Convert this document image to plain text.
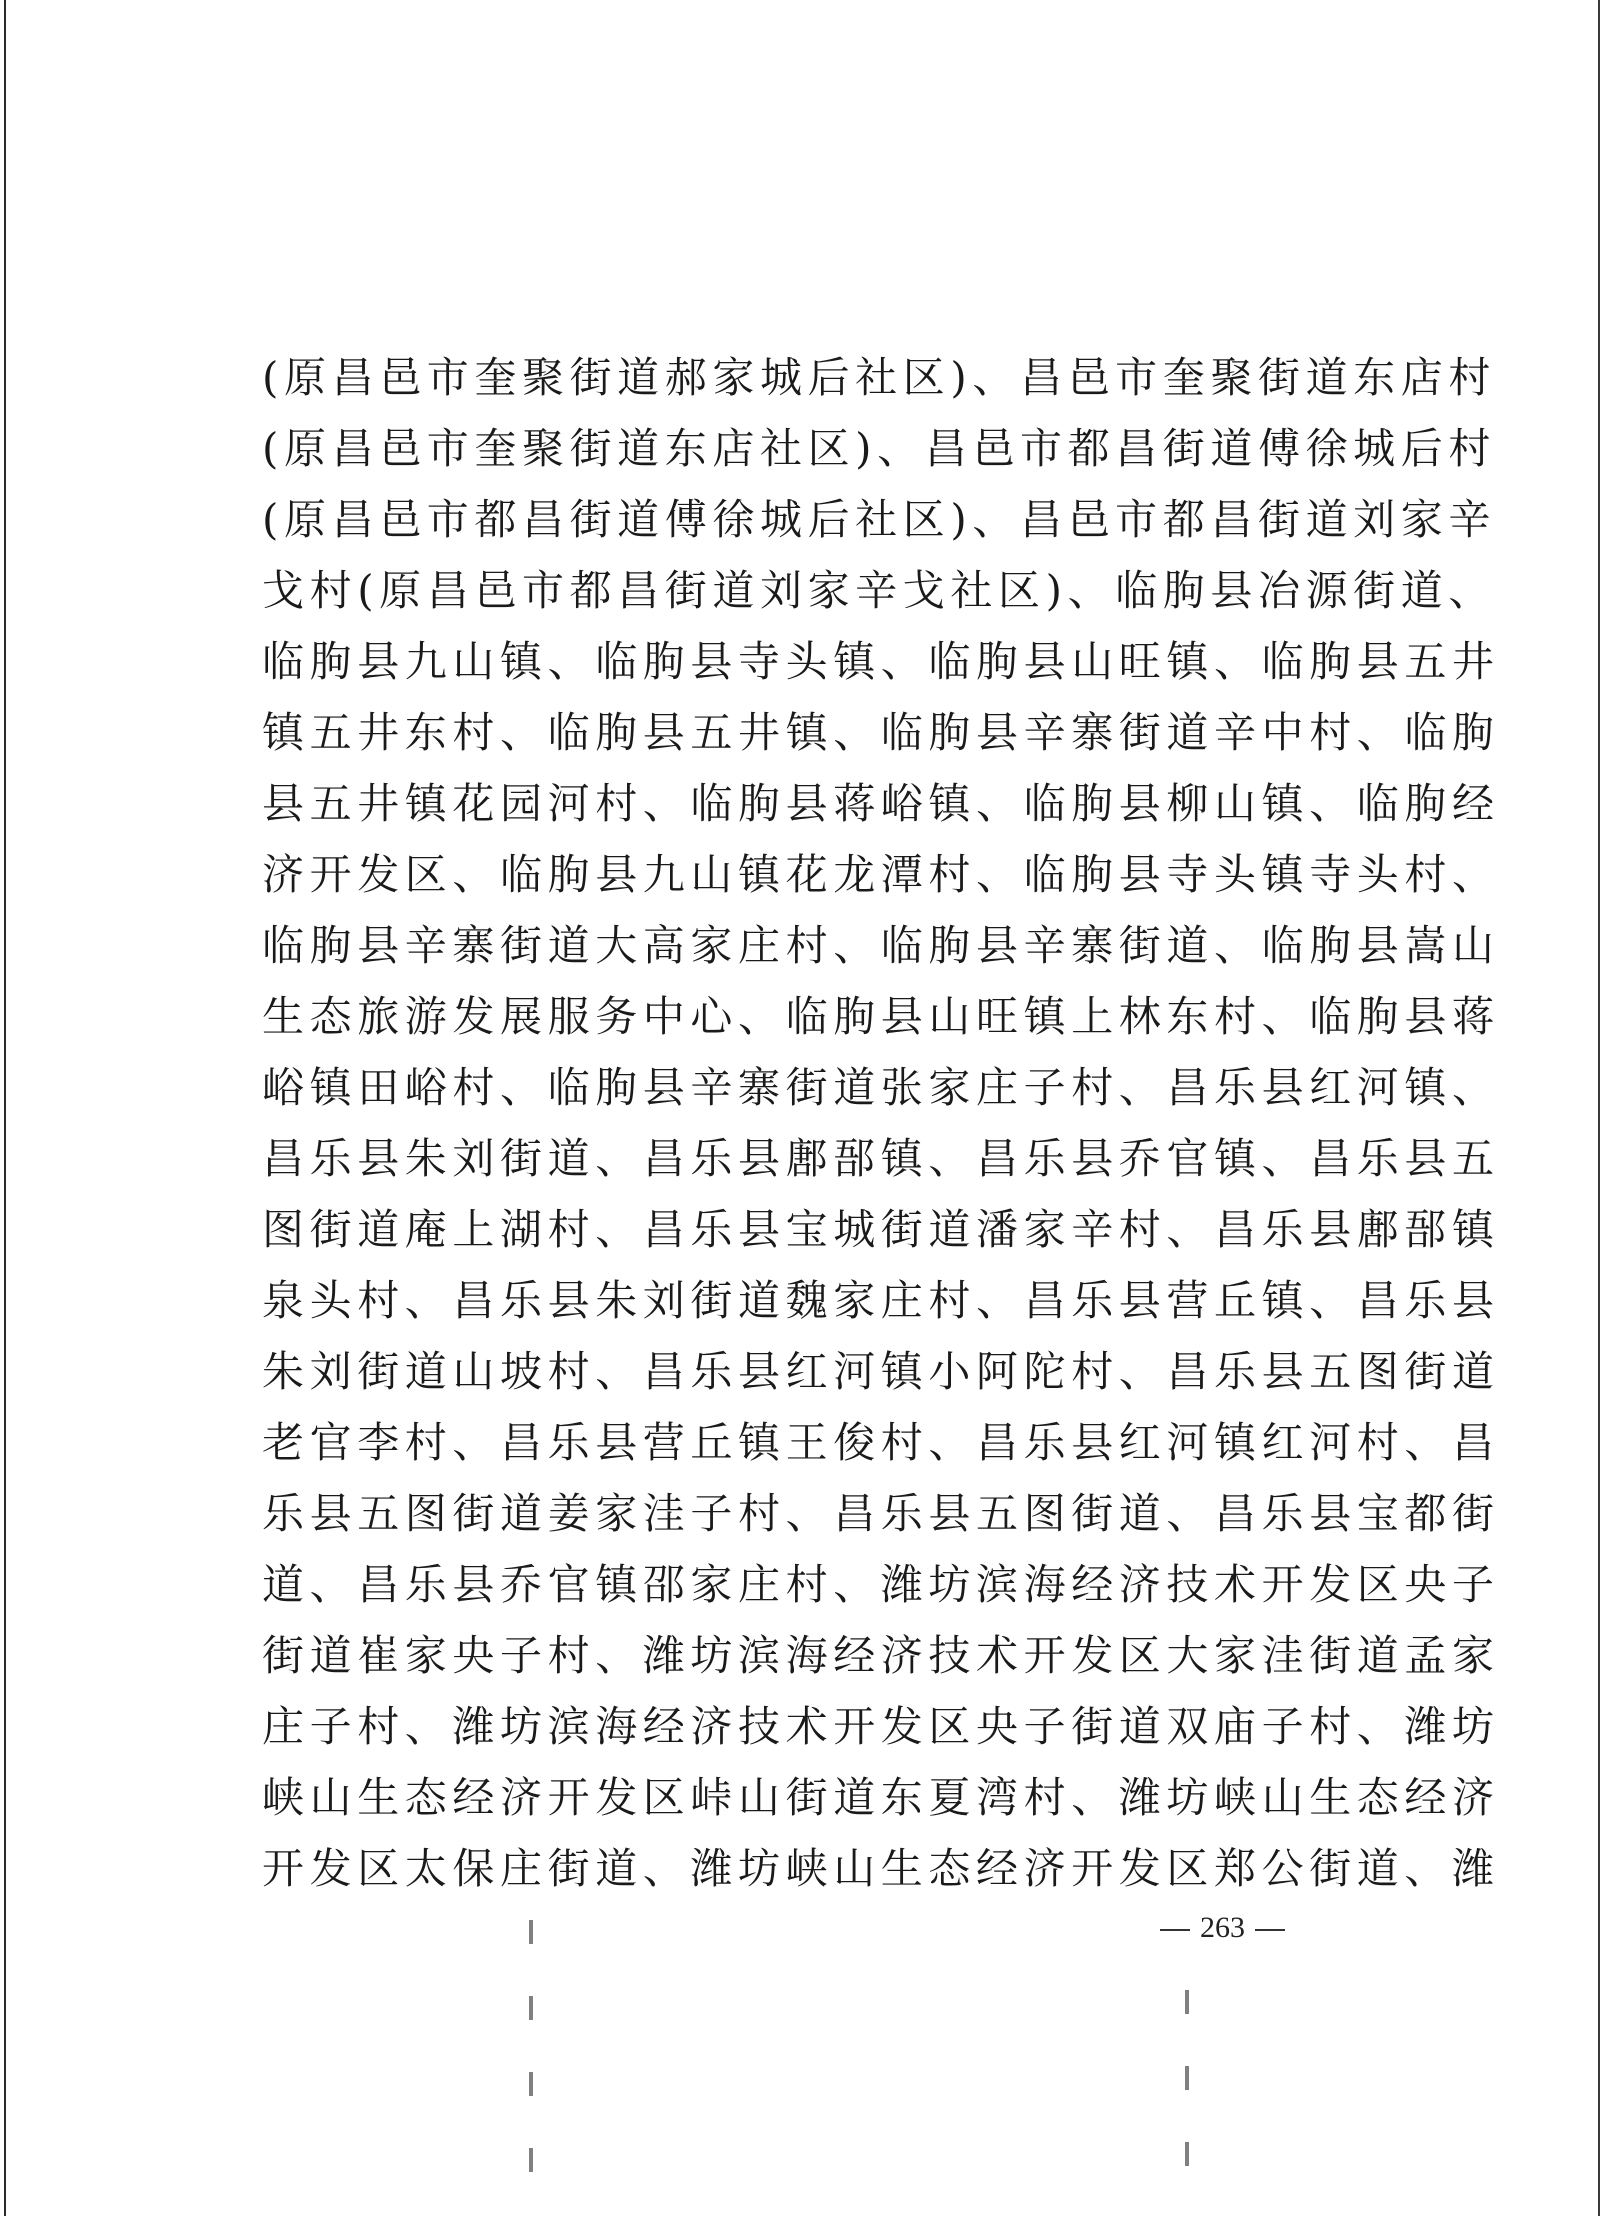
(原昌邑市奎聚街道郝家城后社区)、昌邑市奎聚街道东店村
(原昌邑市奎聚街道东店社区)、昌邑市都昌街道傅徐城后村
(原昌邑市都昌街道傅徐城后社区)、昌邑市都昌街道刘家辛
戈村(原昌邑市都昌街道刘家辛戈社区)、临朐县冶源街道、
临朐县九山镇、临朐县寺头镇、临朐县山旺镇、临朐县五井
镇五井东村、临朐县五井镇、临朐县辛寨街道辛中村、临朐
县五井镇花园河村、临朐县蒋峪镇、临朐县柳山镇、临朐经
济开发区、临朐县九山镇花龙潭村、临朐县寺头镇寺头村、
临朐县辛寨街道大高家庄村、临朐县辛寨街道、临朐县嵩山
生态旅游发展服务中心、临朐县山旺镇上林东村、临朐县蒋
峪镇田峪村、临朐县辛寨街道张家庄子村、昌乐县红河镇、
昌乐县朱刘街道、昌乐县鄌郚镇、昌乐县乔官镇、昌乐县五
图街道庵上湖村、昌乐县宝城街道潘家辛村、昌乐县鄌郚镇
泉头村、昌乐县朱刘街道魏家庄村、昌乐县营丘镇、昌乐县
朱刘街道山坡村、昌乐县红河镇小阿陀村、昌乐县五图街道
老官李村、昌乐县营丘镇王俊村、昌乐县红河镇红河村、昌
乐县五图街道姜家洼子村、昌乐县五图街道、昌乐县宝都街
道、昌乐县乔官镇邵家庄村、潍坊滨海经济技术开发区央子
街道崔家央子村、潍坊滨海经济技术开发区大家洼街道孟家
庄子村、潍坊滨海经济技术开发区央子街道双庙子村、潍坊
峡山生态经济开发区峠山街道东夏湾村、潍坊峡山生态经济
开发区太保庄街道、潍坊峡山生态经济开发区郑公街道、潍
263
